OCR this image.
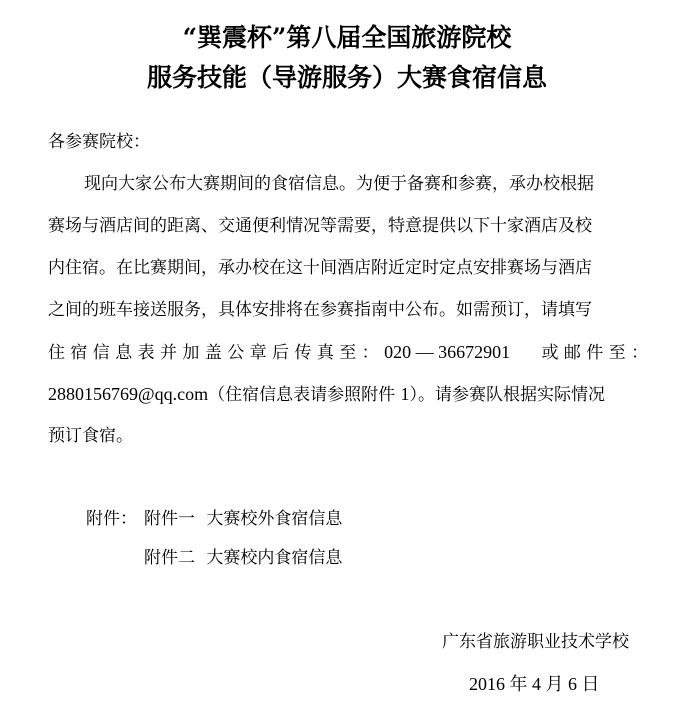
“巽震杯”第八届全国旅游院校
服务技能（导游服务）大赛食宿信息
各参赛院校：
现向大家公布大赛期间的食宿信息。为便于备赛和参赛，承办校根据
赛场与酒店间的距离、交通便利情况等需要，特意提供以下十家酒店及校
内住宿。在比赛期间，承办校在这十间酒店附近定时定点安排赛场与酒店
之间的班车接送服务，具体安排将在参赛指南中公布。如需预订，请填写
住 宿 信 息 表 并 加 盖 公 章 后 传 真 至 ： 020 — 36672901 或 邮 件 至 ：
2880156769@qq.com（住宿信息表请参照附件 1）。请参赛队根据实际情况
预订食宿。
附件： 附件一 大赛校外食宿信息
附件二 大赛校内食宿信息
广东省旅游职业技术学校
2016 年 4 月 6 日
